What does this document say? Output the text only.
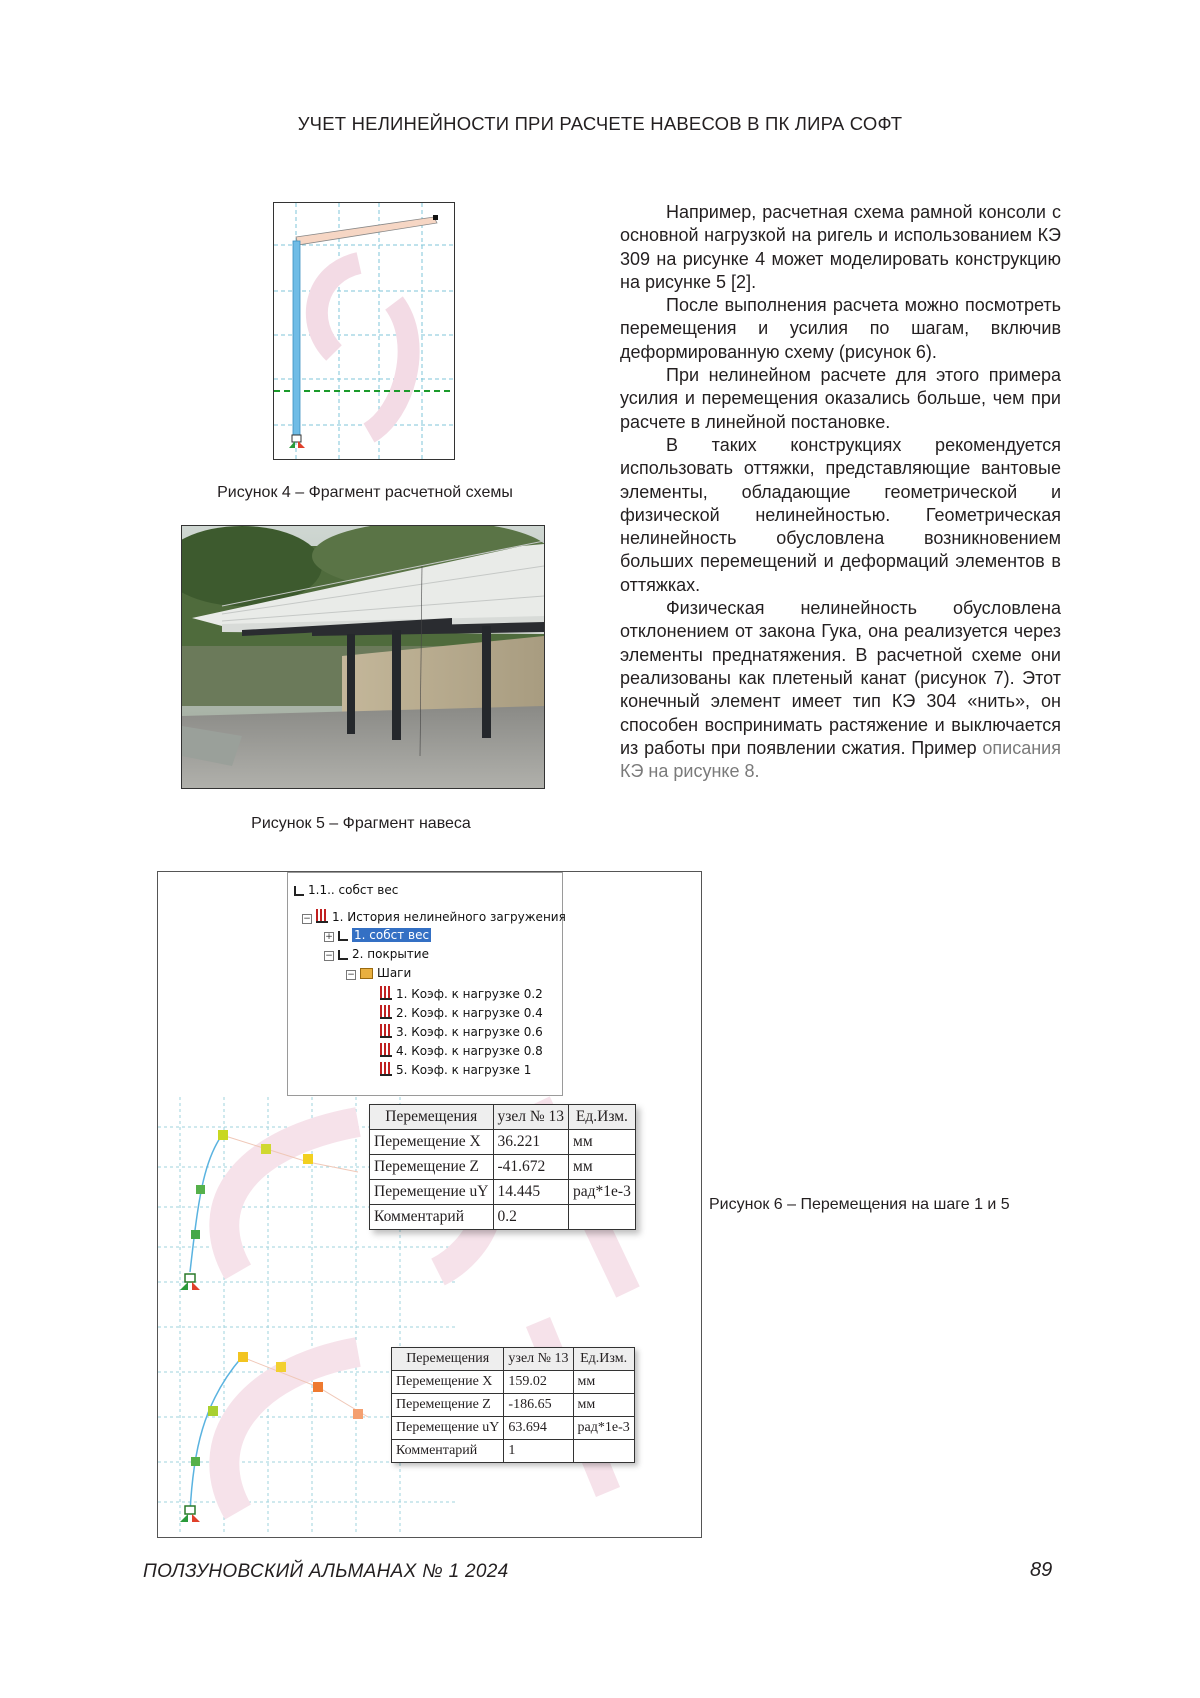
УЧЕТ НЕЛИНЕЙНОСТИ ПРИ РАСЧЕТЕ НАВЕСОВ В ПК ЛИРА СОФТ
Рисунок 4 – Фрагмент расчетной схемы
Рисунок 5 – Фрагмент навеса

Например, расчетная схема рамной консоли с основной нагрузкой на ригель и использованием КЭ 309 на рисунке 4 может моделировать конструкцию на рисунке 5 [2].

После выполнения расчета можно посмотреть перемещения и усилия по шагам, включив деформированную схему (рисунок 6).

При нелинейном расчете для этого примера усилия и перемещения оказались больше, чем при расчете в линейной постановке.

В таких конструкциях рекомендуется использовать оттяжки, представляющие вантовые элементы, обладающие геометрической и физической нелинейностью. Геометрическая нелинейность обусловлена возникновением больших перемещений и деформаций элементов в оттяжках.

Физическая нелинейность обусловлена отклонением от закона Гука, она реализуется через элементы преднатяжения. В расчетной схеме они реализованы как плетеный канат (рисунок 7). Этот конечный элемент имеет тип КЭ 304 «нить», он способен воспринимать растяжение и выключается из работы при появлении сжатия. Пример описания КЭ на рисунке 8.

1.1.. собст вес
− 1. История нелинейного загружения
+ 1. собст вес
− 2. покрытие
− Шаги
1. Коэф. к нагрузке 0.2
2. Коэф. к нагрузке 0.4
3. Коэф. к нагрузке 0.6
4. Коэф. к нагрузке 0.8
5. Коэф. к нагрузке 1
Перемещения	узел № 13	Ед.Изм.
Перемещение X	36.221	мм
Перемещение Z	-41.672	мм
Перемещение uY	14.445	рад*1e-3
Комментарий	0.2	
Перемещения	узел № 13	Ед.Изм.
Перемещение X	159.02	мм
Перемещение Z	-186.65	мм
Перемещение uY	63.694	рад*1e-3
Комментарий	1	
Рисунок 6 – Перемещения на шаге 1 и 5
ПОЛЗУНОВСКИЙ АЛЬМАНАХ № 1 2024	89
